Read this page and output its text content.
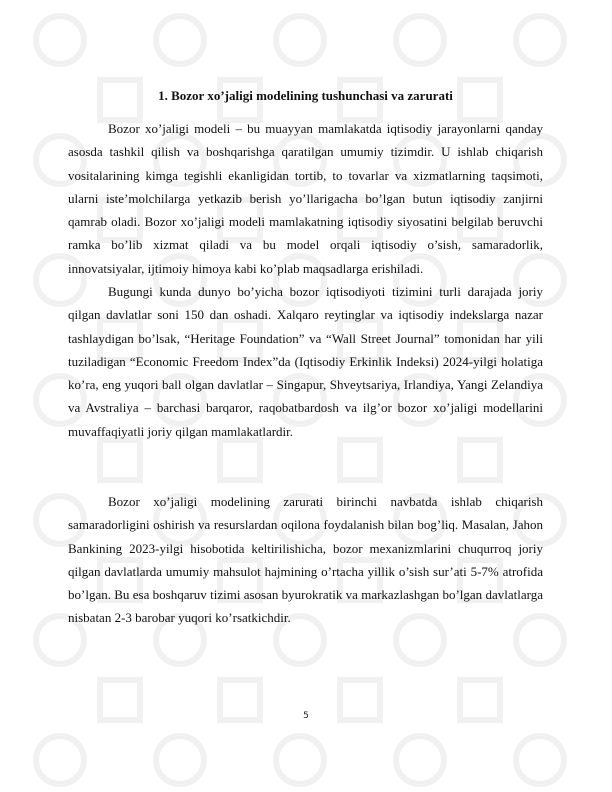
1. Bozor xo’jaligi modelining tushunchasi va zarurati

Bozor xo’jaligi modeli – bu muayyan mamlakatda iqtisodiy jarayonlarni qanday asosda tashkil qilish va boshqarishga qaratilgan umumiy tizimdir. U ishlab chiqarish vositalarining kimga tegishli ekanligidan tortib, to tovarlar va xizmatlarning taqsimoti, ularni iste’molchilarga yetkazib berish yo’llarigacha bo’lgan butun iqtisodiy zanjirni qamrab oladi. Bozor xo’jaligi modeli mamlakatning iqtisodiy siyosatini belgilab beruvchi ramka bo’lib xizmat qiladi va bu model orqali iqtisodiy o’sish, samaradorlik, innovatsiyalar, ijtimoiy himoya kabi ko’plab maqsadlarga erishiladi.

Bugungi kunda dunyo bo’yicha bozor iqtisodiyoti tizimini turli darajada joriy qilgan davlatlar soni 150 dan oshadi. Xalqaro reytinglar va iqtisodiy indekslarga nazar tashlaydigan bo’lsak, “Heritage Foundation” va “Wall Street Journal” tomonidan har yili tuziladigan “Economic Freedom Index”da (Iqtisodiy Erkinlik Indeksi) 2024-yilgi holatiga ko’ra, eng yuqori ball olgan davlatlar – Singapur, Shveytsariya, Irlandiya, Yangi Zelandiya va Avstraliya – barchasi barqaror, raqobatbardosh va ilg’or bozor xo’jaligi modellarini muvaffaqiyatli joriy qilgan mamlakatlardir.

Bozor xo’jaligi modelining zarurati birinchi navbatda ishlab chiqarish samaradorligini oshirish va resurslardan oqilona foydalanish bilan bog’liq. Masalan, Jahon Bankining 2023-yilgi hisobotida keltirilishicha, bozor mexanizmlarini chuqurroq joriy qilgan davlatlarda umumiy mahsulot hajmining o’rtacha yillik o’sish sur’ati 5-7% atrofida bo’lgan. Bu esa boshqaruv tizimi asosan byurokratik va markazlashgan bo’lgan davlatlarga nisbatan 2-3 barobar yuqori ko’rsatkichdir.

5
